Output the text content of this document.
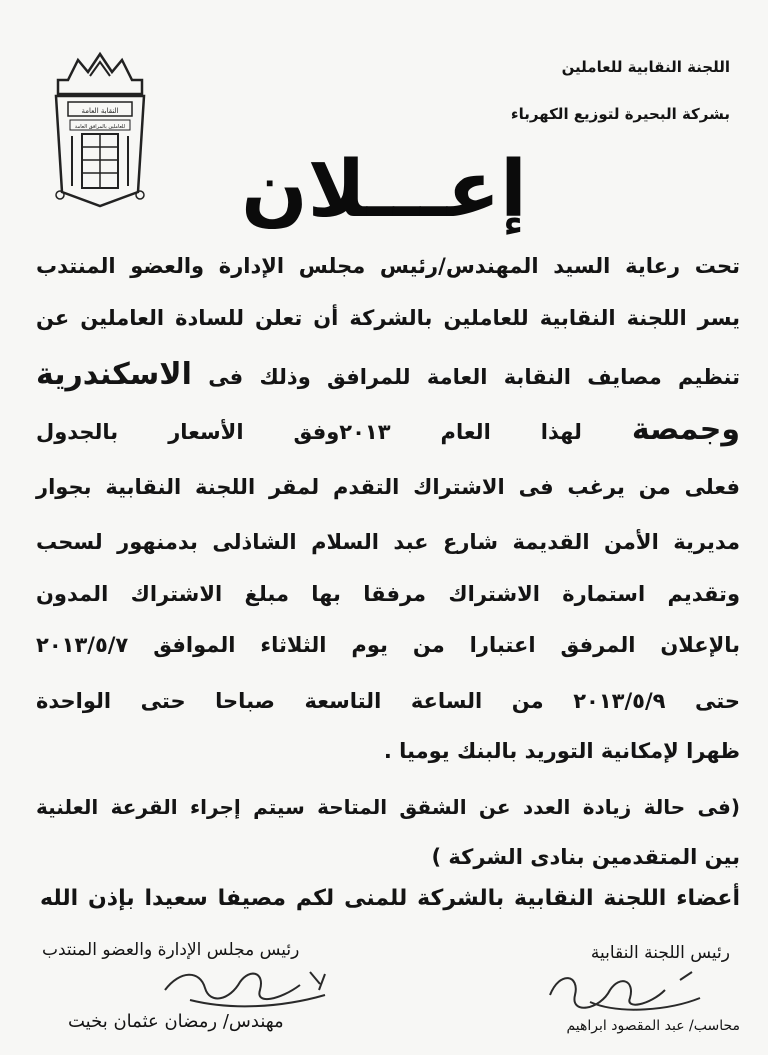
اللجنة النقابية للعاملين
بشركة البحيرة لتوزيع الكهرباء
النقابة العامة
للعاملين بالمرافق العامة
إعـــلان
تحت رعاية السيد المهندس/رئيس مجلس الإدارة والعضو المنتدب
يسر اللجنة النقابية للعاملين بالشركة أن تعلن للسادة العاملين عن
تنظيم مصايف النقابة العامة للمرافق وذلك فى الاسكندرية
وجمصة لهذا العام ٢٠١٣وفق الأسعار بالجدول
فعلى من يرغب فى الاشتراك التقدم لمقر اللجنة النقابية بجوار
مديرية الأمن القديمة شارع عبد السلام الشاذلى بدمنهور لسحب
وتقديم استمارة الاشتراك مرفقا بها مبلغ الاشتراك المدون
بالإعلان المرفق اعتبارا من يوم الثلاثاء الموافق ٢٠١٣/٥/٧
حتى ٢٠١٣/٥/٩ من الساعة التاسعة صباحا حتى الواحدة
ظهرا لإمكانية التوريد بالبنك يوميا .
(فى حالة زيادة العدد عن الشقق المتاحة سيتم إجراء القرعة العلنية
بين المتقدمين بنادى الشركة )
أعضاء اللجنة النقابية بالشركة للمنى لكم مصيفا سعيدا بإذن الله
رئيس اللجنة النقابية
محاسب/ عبد المقصود ابراهيم
رئيس مجلس الإدارة والعضو المنتدب
مهندس/ رمضان عثمان بخيت
